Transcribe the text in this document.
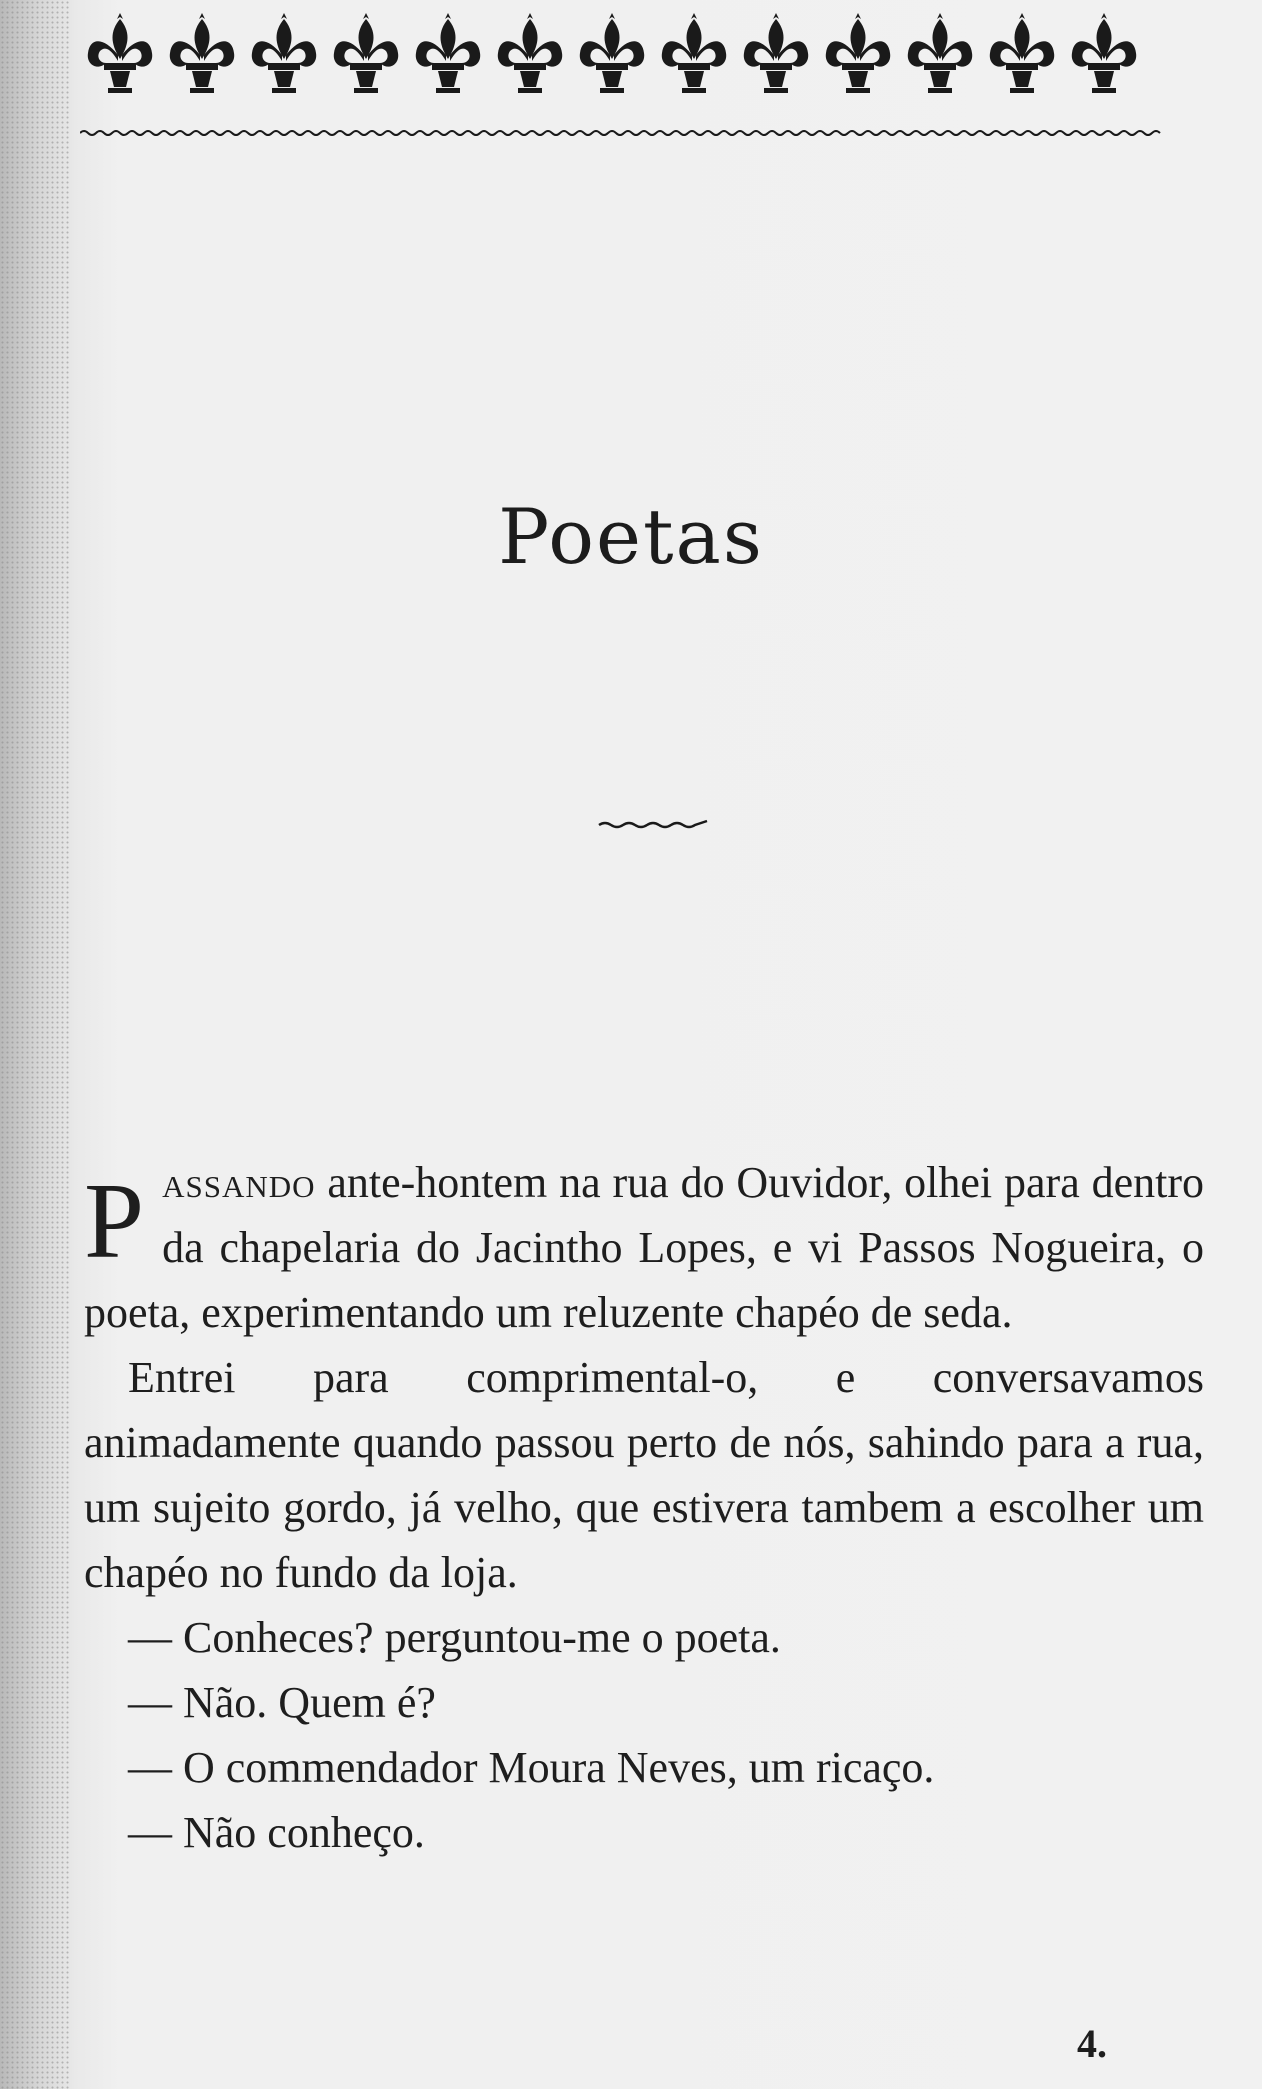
Poetas

Passando ante-hontem na rua do Ouvidor, olhei para dentro da chapelaria do Jacintho Lopes, e vi Passos Nogueira, o poeta, experimentando um reluzente chapéo de seda.

Entrei para comprimental-o, e conversavamos animadamente quando passou perto de nós, sahindo para a rua, um sujeito gordo, já velho, que estivera tambem a escolher um chapéo no fundo da loja.

— Conheces? perguntou-me o poeta.

— Não. Quem é?

— O commendador Moura Neves, um ricaço.

— Não conheço.

4.
